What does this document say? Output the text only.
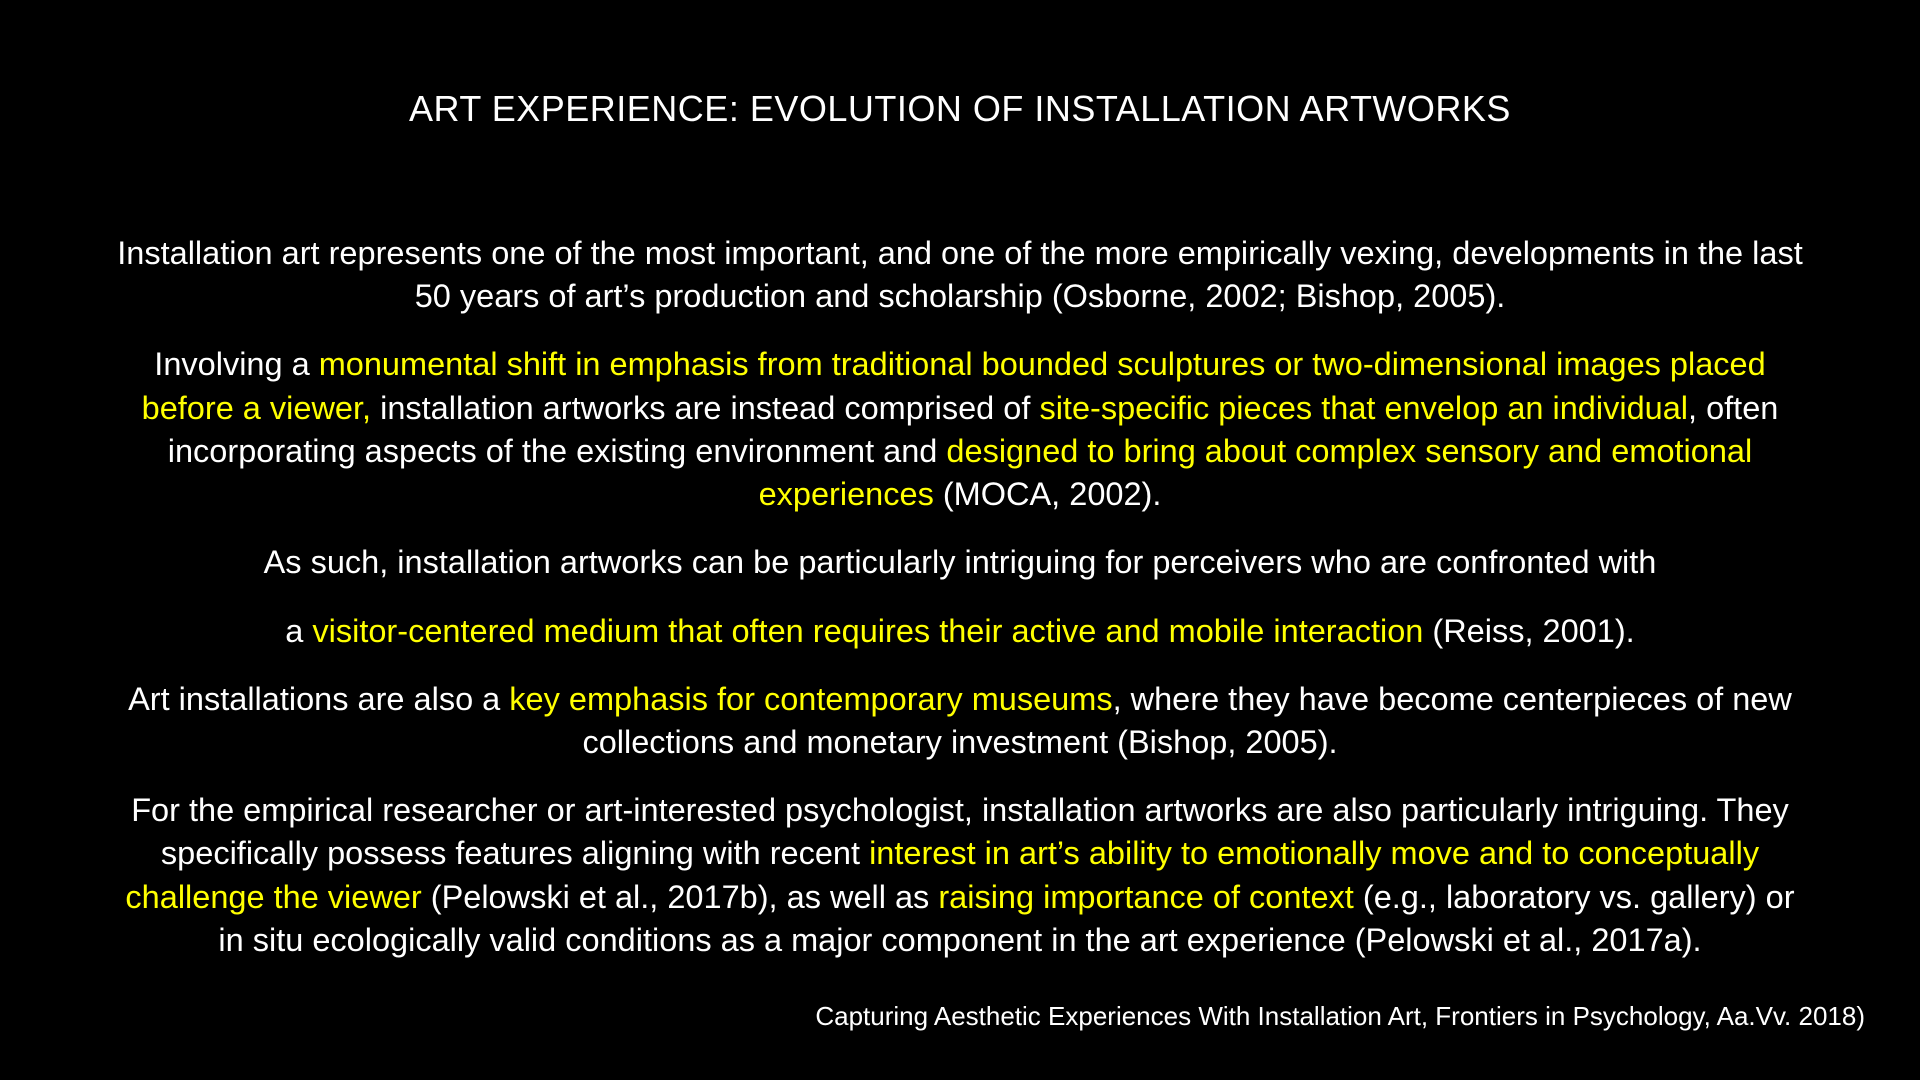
ART EXPERIENCE: EVOLUTION OF INSTALLATION ARTWORKS

Installation art represents one of the most important, and one of the more empirically vexing, developments in the last 50 years of art’s production and scholarship (Osborne, 2002; Bishop, 2005).

Involving a monumental shift in emphasis from traditional bounded sculptures or two-dimensional images placed before a viewer, installation artworks are instead comprised of site-specific pieces that envelop an individual, often incorporating aspects of the existing environment and designed to bring about complex sensory and emotional experiences (MOCA, 2002).

As such, installation artworks can be particularly intriguing for perceivers who are confronted with

a visitor-centered medium that often requires their active and mobile interaction (Reiss, 2001).

Art installations are also a key emphasis for contemporary museums, where they have become centerpieces of new collections and monetary investment (Bishop, 2005).

For the empirical researcher or art-interested psychologist, installation artworks are also particularly intriguing. They specifically possess features aligning with recent interest in art’s ability to emotionally move and to conceptually challenge the viewer (Pelowski et al., 2017b), as well as raising importance of context (e.g., laboratory vs. gallery) or in situ ecologically valid conditions as a major component in the art experience (Pelowski et al., 2017a).

Capturing Aesthetic Experiences With Installation Art, Frontiers in Psychology, Aa.Vv. 2018)
